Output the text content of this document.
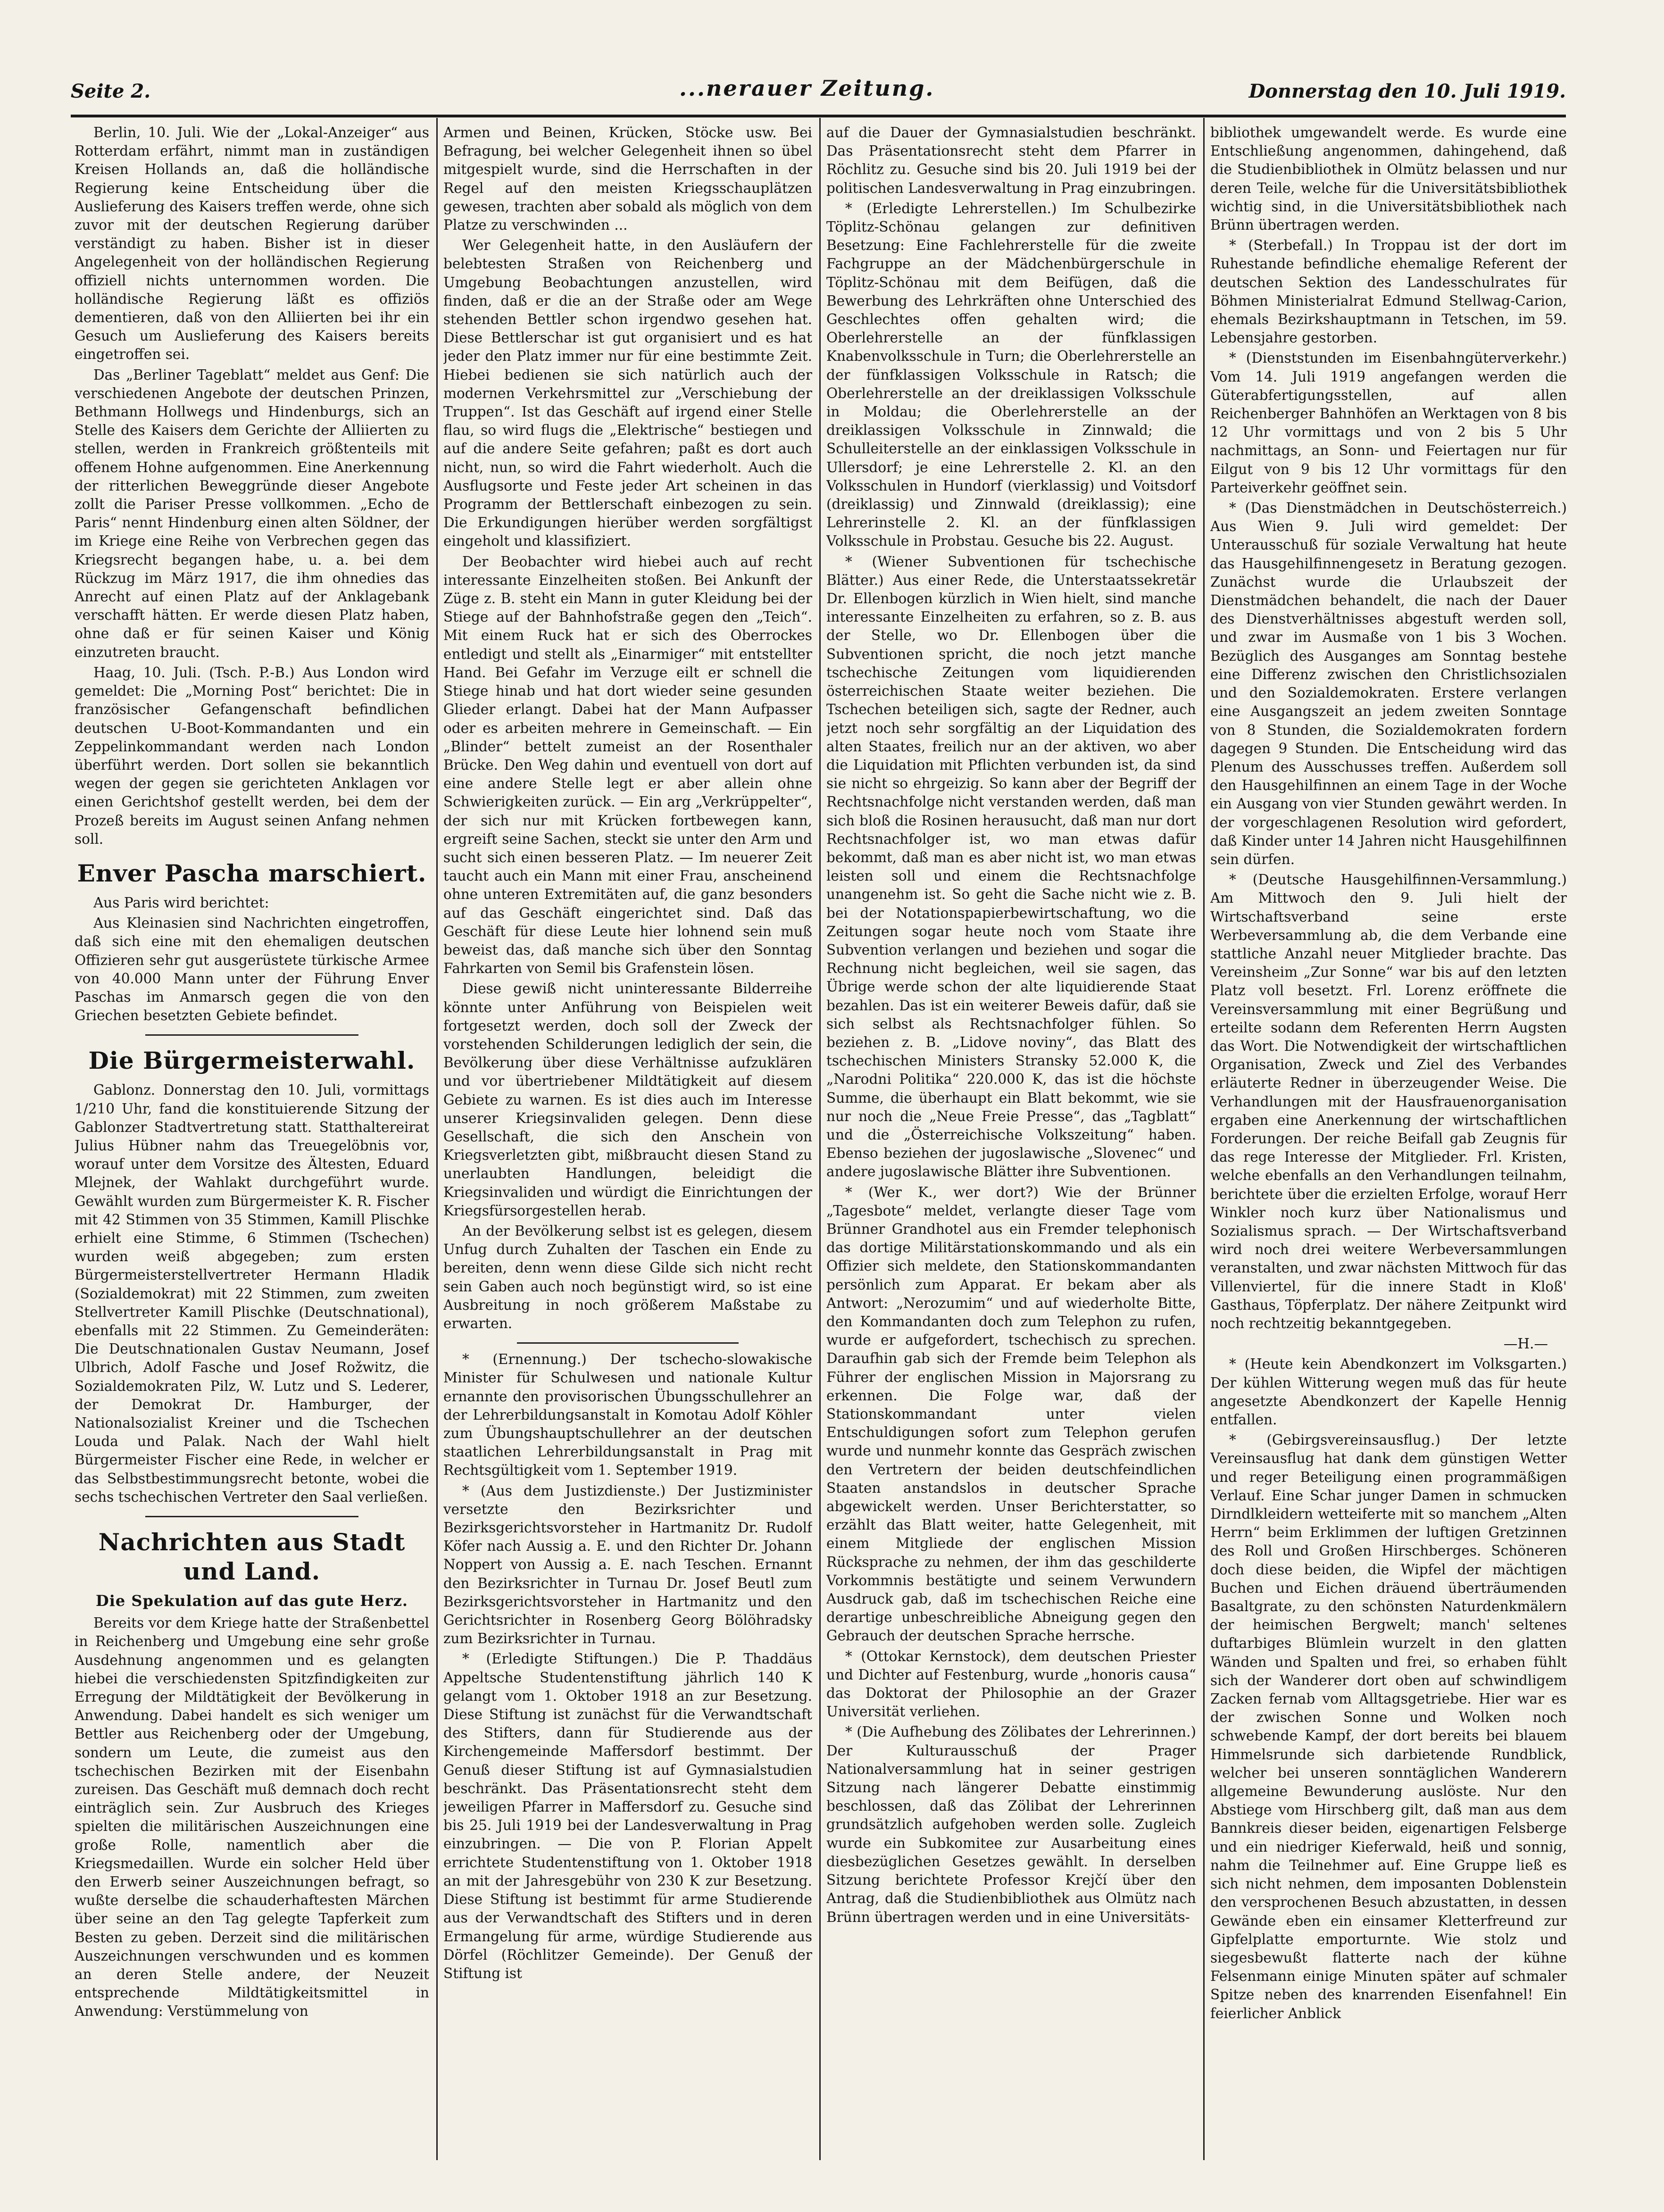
Seite 2.	...nerauer Zeitung.	Donnerstag den 10. Juli 1919.

Berlin, 10. Juli. Wie der „Lokal-Anzeiger“ aus Rotterdam erfährt, nimmt man in zuständigen Kreisen Hollands an, daß die holländische Regierung keine Entscheidung über die Auslieferung des Kaisers treffen werde, ohne sich zuvor mit der deutschen Regierung darüber verständigt zu haben. Bisher ist in dieser Angelegenheit von der holländischen Regierung offiziell nichts unternommen worden. Die holländische Regierung läßt es offiziös dementieren, daß von den Alliierten bei ihr ein Gesuch um Auslieferung des Kaisers bereits eingetroffen sei.

Das „Berliner Tageblatt“ meldet aus Genf: Die verschiedenen Angebote der deutschen Prinzen, Bethmann Hollwegs und Hindenburgs, sich an Stelle des Kaisers dem Gerichte der Alliierten zu stellen, werden in Frankreich größtenteils mit offenem Hohne aufgenommen. Eine Anerkennung der ritterlichen Beweggründe dieser Angebote zollt die Pariser Presse vollkommen. „Echo de Paris“ nennt Hindenburg einen alten Söldner, der im Kriege eine Reihe von Verbrechen gegen das Kriegsrecht begangen habe, u. a. bei dem Rückzug im März 1917, die ihm ohnedies das Anrecht auf einen Platz auf der Anklagebank verschafft hätten. Er werde diesen Platz haben, ohne daß er für seinen Kaiser und König einzutreten braucht.

Haag, 10. Juli. (Tsch. P.-B.) Aus London wird gemeldet: Die „Morning Post“ berichtet: Die in französischer Gefangenschaft befindlichen deutschen U-Boot-Kommandanten und ein Zeppelinkommandant werden nach London überführt werden. Dort sollen sie bekanntlich wegen der gegen sie gerichteten Anklagen vor einen Gerichtshof gestellt werden, bei dem der Prozeß bereits im August seinen Anfang nehmen soll.

Enver Pascha marschiert.

Aus Paris wird berichtet:

Aus Kleinasien sind Nachrichten eingetroffen, daß sich eine mit den ehemaligen deutschen Offizieren sehr gut ausgerüstete türkische Armee von 40.000 Mann unter der Führung Enver Paschas im Anmarsch gegen die von den Griechen besetzten Gebiete befindet.

Die Bürgermeisterwahl.

Gablonz. Donnerstag den 10. Juli, vormittags 1/210 Uhr, fand die konstituierende Sitzung der Gablonzer Stadtvertretung statt. Statthaltereirat Julius Hübner nahm das Treuegelöbnis vor, worauf unter dem Vorsitze des Ältesten, Eduard Mlejnek, der Wahlakt durchgeführt wurde. Gewählt wurden zum Bürgermeister K. R. Fischer mit 42 Stimmen von 35 Stimmen, Kamill Plischke erhielt eine Stimme, 6 Stimmen (Tschechen) wurden weiß abgegeben; zum ersten Bürgermeisterstellvertreter Hermann Hladik (Sozialdemokrat) mit 22 Stimmen, zum zweiten Stellvertreter Kamill Plischke (Deutschnational), ebenfalls mit 22 Stimmen. Zu Gemeinderäten: Die Deutschnationalen Gustav Neumann, Josef Ulbrich, Adolf Fasche und Josef Rožwitz, die Sozialdemokraten Pilz, W. Lutz und S. Lederer, der Demokrat Dr. Hamburger, der Nationalsozialist Kreiner und die Tschechen Louda und Palak. Nach der Wahl hielt Bürgermeister Fischer eine Rede, in welcher er das Selbstbestimmungsrecht betonte, wobei die sechs tschechischen Vertreter den Saal verließen.

Nachrichten aus Stadt und Land.
Die Spekulation auf das gute Herz.

Bereits vor dem Kriege hatte der Straßenbettel in Reichenberg und Umgebung eine sehr große Ausdehnung angenommen und es gelangten hiebei die verschiedensten Spitzfindigkeiten zur Erregung der Mildtätigkeit der Bevölkerung in Anwendung. Dabei handelt es sich weniger um Bettler aus Reichenberg oder der Umgebung, sondern um Leute, die zumeist aus den tschechischen Bezirken mit der Eisenbahn zureisen. Das Geschäft muß demnach doch recht einträglich sein. Zur Ausbruch des Krieges spielten die militärischen Auszeichnungen eine große Rolle, namentlich aber die Kriegsmedaillen. Wurde ein solcher Held über den Erwerb seiner Auszeichnungen befragt, so wußte derselbe die schauderhaftesten Märchen über seine an den Tag gelegte Tapferkeit zum Besten zu geben. Derzeit sind die militärischen Auszeichnungen verschwunden und es kommen an deren Stelle andere, der Neuzeit entsprechende Mildtätigkeitsmittel in Anwendung: Verstümmelung von

Armen und Beinen, Krücken, Stöcke usw. Bei Befragung, bei welcher Gelegenheit ihnen so übel mitgespielt wurde, sind die Herrschaften in der Regel auf den meisten Kriegsschauplätzen gewesen, trachten aber sobald als möglich von dem Platze zu verschwinden ...

Wer Gelegenheit hatte, in den Ausläufern der belebtesten Straßen von Reichenberg und Umgebung Beobachtungen anzustellen, wird finden, daß er die an der Straße oder am Wege stehenden Bettler schon irgendwo gesehen hat. Diese Bettlerschar ist gut organisiert und es hat jeder den Platz immer nur für eine bestimmte Zeit. Hiebei bedienen sie sich natürlich auch der modernen Verkehrsmittel zur „Verschiebung der Truppen“. Ist das Geschäft auf irgend einer Stelle flau, so wird flugs die „Elektrische“ bestiegen und auf die andere Seite gefahren; paßt es dort auch nicht, nun, so wird die Fahrt wiederholt. Auch die Ausflugsorte und Feste jeder Art scheinen in das Programm der Bettlerschaft einbezogen zu sein. Die Erkundigungen hierüber werden sorgfältigst eingeholt und klassifiziert.

Der Beobachter wird hiebei auch auf recht interessante Einzelheiten stoßen. Bei Ankunft der Züge z. B. steht ein Mann in guter Kleidung bei der Stiege auf der Bahnhofstraße gegen den „Teich“. Mit einem Ruck hat er sich des Oberrockes entledigt und stellt als „Einarmiger“ mit entstellter Hand. Bei Gefahr im Verzuge eilt er schnell die Stiege hinab und hat dort wieder seine gesunden Glieder erlangt. Dabei hat der Mann Aufpasser oder es arbeiten mehrere in Gemeinschaft. — Ein „Blinder“ bettelt zumeist an der Rosenthaler Brücke. Den Weg dahin und eventuell von dort auf eine andere Stelle legt er aber allein ohne Schwierigkeiten zurück. — Ein arg „Verkrüppelter“, der sich nur mit Krücken fortbewegen kann, ergreift seine Sachen, steckt sie unter den Arm und sucht sich einen besseren Platz. — Im neuerer Zeit taucht auch ein Mann mit einer Frau, anscheinend ohne unteren Extremitäten auf, die ganz besonders auf das Geschäft eingerichtet sind. Daß das Geschäft für diese Leute hier lohnend sein muß beweist das, daß manche sich über den Sonntag Fahrkarten von Semil bis Grafenstein lösen.

Diese gewiß nicht uninteressante Bilderreihe könnte unter Anführung von Beispielen weit fortgesetzt werden, doch soll der Zweck der vorstehenden Schilderungen lediglich der sein, die Bevölkerung über diese Verhältnisse aufzuklären und vor übertriebener Mildtätigkeit auf diesem Gebiete zu warnen. Es ist dies auch im Interesse unserer Kriegsinvaliden gelegen. Denn diese Gesellschaft, die sich den Anschein von Kriegsverletzten gibt, mißbraucht diesen Stand zu unerlaubten Handlungen, beleidigt die Kriegsinvaliden und würdigt die Einrichtungen der Kriegsfürsorgestellen herab.

An der Bevölkerung selbst ist es gelegen, diesem Unfug durch Zuhalten der Taschen ein Ende zu bereiten, denn wenn diese Gilde sich nicht recht sein Gaben auch noch begünstigt wird, so ist eine Ausbreitung in noch größerem Maßstabe zu erwarten.

* (Ernennung.) Der tschecho-slowakische Minister für Schulwesen und nationale Kultur ernannte den provisorischen Übungsschullehrer an der Lehrerbildungsanstalt in Komotau Adolf Köhler zum Übungshauptschullehrer an der deutschen staatlichen Lehrerbildungsanstalt in Prag mit Rechtsgültigkeit vom 1. September 1919.

* (Aus dem Justizdienste.) Der Justizminister versetzte den Bezirksrichter und Bezirksgerichtsvorsteher in Hartmanitz Dr. Rudolf Köfer nach Aussig a. E. und den Richter Dr. Johann Noppert von Aussig a. E. nach Teschen. Ernannt den Bezirksrichter in Turnau Dr. Josef Beutl zum Bezirksgerichtsvorsteher in Hartmanitz und den Gerichtsrichter in Rosenberg Georg Bölöhradsky zum Bezirksrichter in Turnau.

* (Erledigte Stiftungen.) Die P. Thaddäus Appeltsche Studentenstiftung jährlich 140 K gelangt vom 1. Oktober 1918 an zur Besetzung. Diese Stiftung ist zunächst für die Verwandtschaft des Stifters, dann für Studierende aus der Kirchengemeinde Maffersdorf bestimmt. Der Genuß dieser Stiftung ist auf Gymnasialstudien beschränkt. Das Präsentationsrecht steht dem jeweiligen Pfarrer in Maffersdorf zu. Gesuche sind bis 25. Juli 1919 bei der Landesverwaltung in Prag einzubringen. — Die von P. Florian Appelt errichtete Studentenstiftung von 1. Oktober 1918 an mit der Jahresgebühr von 230 K zur Besetzung. Diese Stiftung ist bestimmt für arme Studierende aus der Verwandtschaft des Stifters und in deren Ermangelung für arme, würdige Studierende aus Dörfel (Röchlitzer Gemeinde). Der Genuß der Stiftung ist

auf die Dauer der Gymnasialstudien beschränkt. Das Präsentationsrecht steht dem Pfarrer in Röchlitz zu. Gesuche sind bis 20. Juli 1919 bei der politischen Landesverwaltung in Prag einzubringen.

* (Erledigte Lehrerstellen.) Im Schulbezirke Töplitz-Schönau gelangen zur definitiven Besetzung: Eine Fachlehrerstelle für die zweite Fachgruppe an der Mädchenbürgerschule in Töplitz-Schönau mit dem Beifügen, daß die Bewerbung des Lehrkräften ohne Unterschied des Geschlechtes offen gehalten wird; die Oberlehrerstelle an der fünfklassigen Knabenvolksschule in Turn; die Oberlehrerstelle an der fünfklassigen Volksschule in Ratsch; die Oberlehrerstelle an der dreiklassigen Volksschule in Moldau; die Oberlehrerstelle an der dreiklassigen Volksschule in Zinnwald; die Schulleiterstelle an der einklassigen Volksschule in Ullersdorf; je eine Lehrerstelle 2. Kl. an den Volksschulen in Hundorf (vierklassig) und Voitsdorf (dreiklassig) und Zinnwald (dreiklassig); eine Lehrerinstelle 2. Kl. an der fünfklassigen Volksschule in Probstau. Gesuche bis 22. August.

* (Wiener Subventionen für tschechische Blätter.) Aus einer Rede, die Unterstaatssekretär Dr. Ellenbogen kürzlich in Wien hielt, sind manche interessante Einzelheiten zu erfahren, so z. B. aus der Stelle, wo Dr. Ellenbogen über die Subventionen spricht, die noch jetzt manche tschechische Zeitungen vom liquidierenden österreichischen Staate weiter beziehen. Die Tschechen beteiligen sich, sagte der Redner, auch jetzt noch sehr sorgfältig an der Liquidation des alten Staates, freilich nur an der aktiven, wo aber die Liquidation mit Pflichten verbunden ist, da sind sie nicht so ehrgeizig. So kann aber der Begriff der Rechtsnachfolge nicht verstanden werden, daß man sich bloß die Rosinen herausucht, daß man nur dort Rechtsnachfolger ist, wo man etwas dafür bekommt, daß man es aber nicht ist, wo man etwas leisten soll und einem die Rechtsnachfolge unangenehm ist. So geht die Sache nicht wie z. B. bei der Notationspapierbewirtschaftung, wo die Zeitungen sogar heute noch vom Staate ihre Subvention verlangen und beziehen und sogar die Rechnung nicht begleichen, weil sie sagen, das Übrige werde schon der alte liquidierende Staat bezahlen. Das ist ein weiterer Beweis dafür, daß sie sich selbst als Rechtsnachfolger fühlen. So beziehen z. B. „Lidove noviny“, das Blatt des tschechischen Ministers Stransky 52.000 K, die „Narodni Politika“ 220.000 K, das ist die höchste Summe, die überhaupt ein Blatt bekommt, wie sie nur noch die „Neue Freie Presse“, das „Tagblatt“ und die „Österreichische Volkszeitung“ haben. Ebenso beziehen der jugoslawische „Slovenec“ und andere jugoslawische Blätter ihre Subventionen.

* (Wer K., wer dort?) Wie der Brünner „Tagesbote“ meldet, verlangte dieser Tage vom Brünner Grandhotel aus ein Fremder telephonisch das dortige Militärstationskommando und als ein Offizier sich meldete, den Stationskommandanten persönlich zum Apparat. Er bekam aber als Antwort: „Nerozumim“ und auf wiederholte Bitte, den Kommandanten doch zum Telephon zu rufen, wurde er aufgefordert, tschechisch zu sprechen. Daraufhin gab sich der Fremde beim Telephon als Führer der englischen Mission in Majorsrang zu erkennen. Die Folge war, daß der Stationskommandant unter vielen Entschuldigungen sofort zum Telephon gerufen wurde und nunmehr konnte das Gespräch zwischen den Vertretern der beiden deutschfeindlichen Staaten anstandslos in deutscher Sprache abgewickelt werden. Unser Berichterstatter, so erzählt das Blatt weiter, hatte Gelegenheit, mit einem Mitgliede der englischen Mission Rücksprache zu nehmen, der ihm das geschilderte Vorkommnis bestätigte und seinem Verwundern Ausdruck gab, daß im tschechischen Reiche eine derartige unbeschreibliche Abneigung gegen den Gebrauch der deutschen Sprache herrsche.

* (Ottokar Kernstock), dem deutschen Priester und Dichter auf Festenburg, wurde „honoris causa“ das Doktorat der Philosophie an der Grazer Universität verliehen.

* (Die Aufhebung des Zölibates der Lehrerinnen.) Der Kulturausschuß der Prager Nationalversammlung hat in seiner gestrigen Sitzung nach längerer Debatte einstimmig beschlossen, daß das Zölibat der Lehrerinnen grundsätzlich aufgehoben werden solle. Zugleich wurde ein Subkomitee zur Ausarbeitung eines diesbezüglichen Gesetzes gewählt. In derselben Sitzung berichtete Professor Krejčí über den Antrag, daß die Studienbibliothek aus Olmütz nach Brünn übertragen werden und in eine Universitäts-

bibliothek umgewandelt werde. Es wurde eine Entschließung angenommen, dahingehend, daß die Studienbibliothek in Olmütz belassen und nur deren Teile, welche für die Universitätsbibliothek wichtig sind, in die Universitätsbibliothek nach Brünn übertragen werden.

* (Sterbefall.) In Troppau ist der dort im Ruhestande befindliche ehemalige Referent der deutschen Sektion des Landesschulrates für Böhmen Ministerialrat Edmund Stellwag-Carion, ehemals Bezirkshauptmann in Tetschen, im 59. Lebensjahre gestorben.

* (Dienststunden im Eisenbahngüterverkehr.) Vom 14. Juli 1919 angefangen werden die Güterabfertigungsstellen, auf allen Reichenberger Bahnhöfen an Werktagen von 8 bis 12 Uhr vormittags und von 2 bis 5 Uhr nachmittags, an Sonn- und Feiertagen nur für Eilgut von 9 bis 12 Uhr vormittags für den Parteiverkehr geöffnet sein.

* (Das Dienstmädchen in Deutschösterreich.) Aus Wien 9. Juli wird gemeldet: Der Unterausschuß für soziale Verwaltung hat heute das Hausgehilfinnengesetz in Beratung gezogen. Zunächst wurde die Urlaubszeit der Dienstmädchen behandelt, die nach der Dauer des Dienstverhältnisses abgestuft werden soll, und zwar im Ausmaße von 1 bis 3 Wochen. Bezüglich des Ausganges am Sonntag bestehe eine Differenz zwischen den Christlichsozialen und den Sozialdemokraten. Erstere verlangen eine Ausgangszeit an jedem zweiten Sonntage von 8 Stunden, die Sozialdemokraten fordern dagegen 9 Stunden. Die Entscheidung wird das Plenum des Ausschusses treffen. Außerdem soll den Hausgehilfinnen an einem Tage in der Woche ein Ausgang von vier Stunden gewährt werden. In der vorgeschlagenen Resolution wird gefordert, daß Kinder unter 14 Jahren nicht Hausgehilfinnen sein dürfen.

* (Deutsche Hausgehilfinnen-Versammlung.) Am Mittwoch den 9. Juli hielt der Wirtschaftsverband seine erste Werbeversammlung ab, die dem Verbande eine stattliche Anzahl neuer Mitglieder brachte. Das Vereinsheim „Zur Sonne“ war bis auf den letzten Platz voll besetzt. Frl. Lorenz eröffnete die Vereinsversammlung mit einer Begrüßung und erteilte sodann dem Referenten Herrn Augsten das Wort. Die Notwendigkeit der wirtschaftlichen Organisation, Zweck und Ziel des Verbandes erläuterte Redner in überzeugender Weise. Die Verhandlungen mit der Hausfrauenorganisation ergaben eine Anerkennung der wirtschaftlichen Forderungen. Der reiche Beifall gab Zeugnis für das rege Interesse der Mitglieder. Frl. Kristen, welche ebenfalls an den Verhandlungen teilnahm, berichtete über die erzielten Erfolge, worauf Herr Winkler noch kurz über Nationalismus und Sozialismus sprach. — Der Wirtschaftsverband wird noch drei weitere Werbeversammlungen veranstalten, und zwar nächsten Mittwoch für das Villenviertel, für die innere Stadt in Kloß' Gasthaus, Töpferplatz. Der nähere Zeitpunkt wird noch rechtzeitig bekanntgegeben.

—H.—

* (Heute kein Abendkonzert im Volksgarten.) Der kühlen Witterung wegen muß das für heute angesetzte Abendkonzert der Kapelle Hennig entfallen.

* (Gebirgsvereinsausflug.) Der letzte Vereinsausflug hat dank dem günstigen Wetter und reger Beteiligung einen programmäßigen Verlauf. Eine Schar junger Damen in schmucken Dirndlkleidern wetteiferte mit so manchem „Alten Herrn“ beim Erklimmen der luftigen Gretzinnen des Roll und Großen Hirschberges. Schöneren doch diese beiden, die Wipfel der mächtigen Buchen und Eichen dräuend überträumenden Basaltgrate, zu den schönsten Naturdenkmälern der heimischen Bergwelt; manch' seltenes duftarbiges Blümlein wurzelt in den glatten Wänden und Spalten und frei, so erhaben fühlt sich der Wanderer dort oben auf schwindligem Zacken fernab vom Alltagsgetriebe. Hier war es der zwischen Sonne und Wolken noch schwebende Kampf, der dort bereits bei blauem Himmelsrunde sich darbietende Rundblick, welcher bei unseren sonntäglichen Wanderern allgemeine Bewunderung auslöste. Nur den Abstiege vom Hirschberg gilt, daß man aus dem Bannkreis dieser beiden, eigenartigen Felsberge und ein niedriger Kieferwald, heiß und sonnig, nahm die Teilnehmer auf. Eine Gruppe ließ es sich nicht nehmen, dem imposanten Doblenstein den versprochenen Besuch abzustatten, in dessen Gewände eben ein einsamer Kletterfreund zur Gipfelplatte emporturnte. Wie stolz und siegesbewußt flatterte nach der kühne Felsenmann einige Minuten später auf schmaler Spitze neben des knarrenden Eisenfahnel! Ein feierlicher Anblick
